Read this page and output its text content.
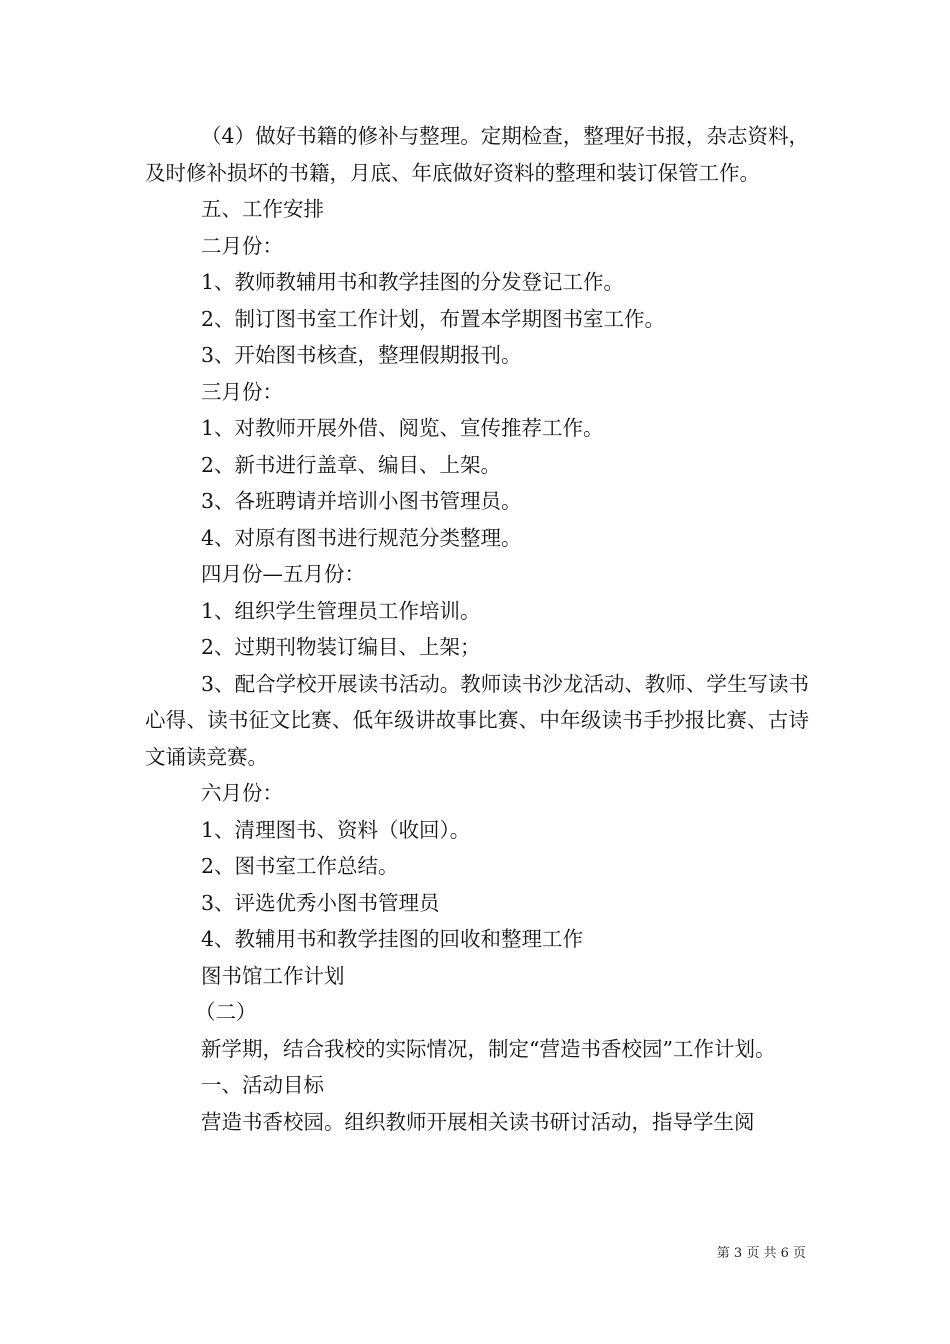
（4）做好书籍的修补与整理。定期检查，整理好书报，杂志资料，及时修补损坏的书籍，月底、年底做好资料的整理和装订保管工作。

五、工作安排

二月份：

1、教师教辅用书和教学挂图的分发登记工作。

2、制订图书室工作计划，布置本学期图书室工作。

3、开始图书核查，整理假期报刊。

三月份：

1、对教师开展外借、阅览、宣传推荐工作。

2、新书进行盖章、编目、上架。

3、各班聘请并培训小图书管理员。

4、对原有图书进行规范分类整理。

四月份—五月份：

1、组织学生管理员工作培训。

2、过期刊物装订编目、上架；

3、配合学校开展读书活动。教师读书沙龙活动、教师、学生写读书心得、读书征文比赛、低年级讲故事比赛、中年级读书手抄报比赛、古诗文诵读竞赛。

六月份：

1、清理图书、资料（收回）。

2、图书室工作总结。

3、评选优秀小图书管理员

4、教辅用书和教学挂图的回收和整理工作

图书馆工作计划

（二）

新学期，结合我校的实际情况，制定“营造书香校园”工作计划。

一、活动目标

营造书香校园。组织教师开展相关读书研讨活动，指导学生阅

第 3 页 共 6 页
